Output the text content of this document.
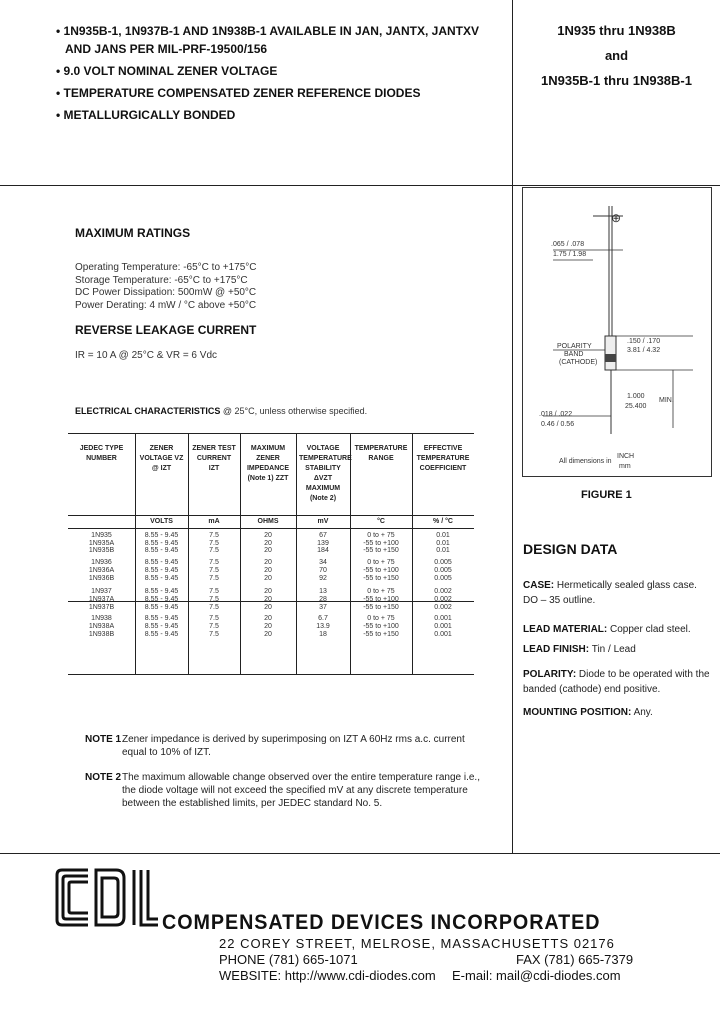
• 1N935B-1, 1N937B-1 AND 1N938B-1 AVAILABLE IN JAN, JANTX, JANTXV
AND JANS PER MIL-PRF-19500/156
• 9.0 VOLT NOMINAL ZENER VOLTAGE
• TEMPERATURE COMPENSATED ZENER REFERENCE DIODES
• METALLURGICALLY BONDED
1N935 thru 1N938B
and
1N935B-1 thru 1N938B-1
MAXIMUM RATINGS
Operating Temperature: -65°C to +175°C
Storage Temperature: -65°C to +175°C
DC Power Dissipation: 500mW @ +50°C
Power Derating: 4 mW / °C above +50°C
REVERSE LEAKAGE CURRENT
IR = 10 A @ 25°C & VR = 6 Vdc
ELECTRICAL CHARACTERISTICS @ 25°C, unless otherwise specified.
JEDEC TYPE NUMBER
ZENER VOLTAGE VZ @ IZT
ZENER TEST CURRENT IZT
MAXIMUM ZENER IMPEDANCE (Note 1) ZZT
VOLTAGE TEMPERATURE STABILITY ΔVZT MAXIMUM (Note 2)
TEMPERATURE RANGE
EFFECTIVE TEMPERATURE COEFFICIENT
VOLTS	mA	OHMS	mV	°C	% / °C
1N935	8.55 - 9.45	7.5	20	67	0 to + 75	0.01
1N935A	8.55 - 9.45	7.5	20	139	-55 to +100	0.01
1N935B	8.55 - 9.45	7.5	20	184	-55 to +150	0.01
1N936	8.55 - 9.45	7.5	20	34	0 to + 75	0.005
1N936A	8.55 - 9.45	7.5	20	70	-55 to +100	0.005
1N936B	8.55 - 9.45	7.5	20	92	-55 to +150	0.005
1N937	8.55 - 9.45	7.5	20	13	0 to + 75	0.002
1N937A	8.55 - 9.45	7.5	20	28	-55 to +100	0.002
1N937B	8.55 - 9.45	7.5	20	37	-55 to +150	0.002
1N938	8.55 - 9.45	7.5	20	6.7	0 to + 75	0.001
1N938A	8.55 - 9.45	7.5	20	13.9	-55 to +100	0.001
1N938B	8.55 - 9.45	7.5	20	18	-55 to +150	0.001
NOTE 1 Zener impedance is derived by superimposing on IZT A 60Hz rms a.c. current equal to 10% of IZT.
NOTE 2 The maximum allowable change observed over the entire temperature range i.e., the diode voltage will not exceed the specified mV at any discrete temperature between the established limits, per JEDEC standard No. 5.
⊕
.065 / .078
1.75 / 1.98
POLARITY
BAND
(CATHODE)
.150 / .170
3.81 / 4.32
1.000
25.400
MIN.
.018 / .022
0.46 / 0.56
All dimensions in
INCH
mm
FIGURE 1
DESIGN DATA
CASE: Hermetically sealed glass case. DO – 35 outline.
LEAD MATERIAL: Copper clad steel.
LEAD FINISH: Tin / Lead
POLARITY: Diode to be operated with the banded (cathode) end positive.
MOUNTING POSITION: Any.
COMPENSATED DEVICES INCORPORATED
22 COREY STREET, MELROSE, MASSACHUSETTS 02176
PHONE (781) 665-1071	FAX (781) 665-7379
WEBSITE: http://www.cdi-diodes.com E-mail: mail@cdi-diodes.com
